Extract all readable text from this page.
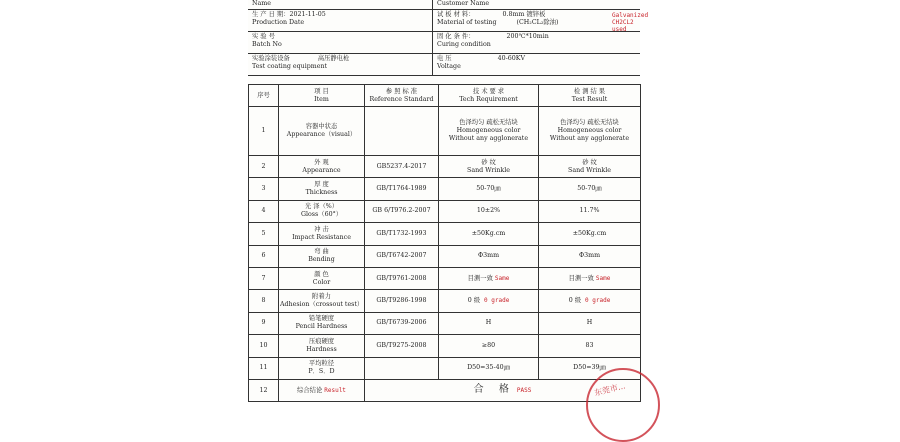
Name	Customer Name

生 产 日 期：2021-11-05
Production Date	试 板 材 料： 0.8mm 镀锌板
Material of testing (CH₂CL₂除油)

实 验 号
Batch No	固 化 条 件： 200℃*10min
Curing condition

实验涂装设备 高压静电枪
Test coating equipment	电 压 40-60KV
Voltage
Galvanized
CH2CL2 used
序号	项 目
Item	参 照 标 准
Reference Standard	技 术 要 求
Tech Requirement	检 测 结 果
Test Result

1	容器中状态
Appearance（visual）		色泽均匀 疏松无结块
Homogeneous color
Without any agglonerate	色泽均匀 疏松无结块
Homogeneous color
Without any agglonerate

2	外 观
Appearance	GB5237.4-2017	砂 纹
Sand Wrinkle	砂 纹
Sand Wrinkle

3	厚 度
Thickness	GB/T1764-1989	50-70㎛	50-70㎛
4	光 泽（%）
Gloss（60°）	GB 6/T976.2-2007	10±2%	11.7%
5	冲 击
Impact Resistance	GB/T1732-1993	±50Kg.cm	±50Kg.cm
6	弯 曲
Bending	GB/T6742-2007	Φ3mm	Φ3mm
7	颜 色
Color	GB/T9761-2008	目测一致 Same	目测一致 Same
8	附着力
Adhesion（crossout test）	GB/T9286-1998	0 级 0 grade	0 级 0 grade
9	铅笔硬度
Pencil Hardness	GB/T6739-2006	H	H
10	压痕硬度
Hardness	GB/T9275-2008	≥80	83
11	平均粒径
P．S．D		D50=35-40㎛	D50=39㎛
12	综合结论 Result	合 格 PASS			东莞市...
